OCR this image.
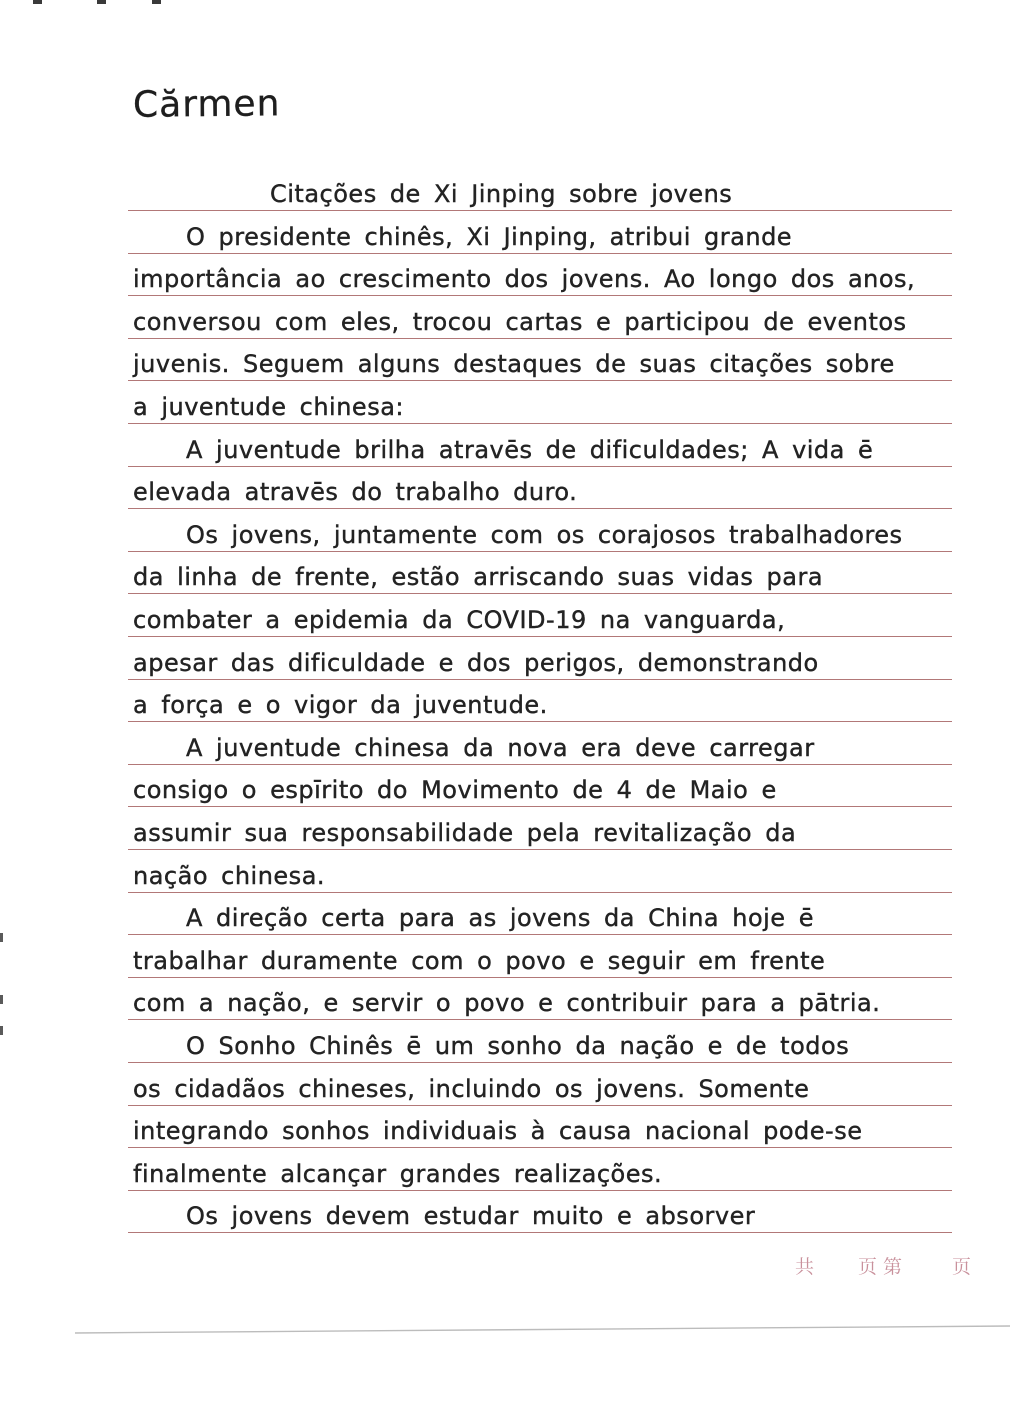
Cărmen
Citações de Xi Jinping sobre jovens
O presidente chinês, Xi Jinping, atribui grande
importância ao crescimento dos jovens. Ao longo dos anos,
conversou com eles, trocou cartas e participou de eventos
juvenis. Seguem alguns destaques de suas citações sobre
a juventude chinesa:
A juventude brilha atravēs de dificuldades; A vida ē
elevada atravēs do trabalho duro.
Os jovens, juntamente com os corajosos trabalhadores
da linha de frente, estão arriscando suas vidas para
combater a epidemia da COVID-19 na vanguarda,
apesar das dificuldade e dos perigos, demonstrando
a força e o vigor da juventude.
A juventude chinesa da nova era deve carregar
consigo o espīrito do Movimento de 4 de Maio e
assumir sua responsabilidade pela revitalização da
nação chinesa.
A direção certa para as jovens da China hoje ē
trabalhar duramente com o povo e seguir em frente
com a nação, e servir o povo e contribuir para a pātria.
O Sonho Chinês ē um sonho da nação e de todos
os cidadãos chineses, incluindo os jovens. Somente
integrando sonhos individuais à causa nacional pode-se
finalmente alcançar grandes realizações.
Os jovens devem estudar muito e absorver
共 页 第	页
